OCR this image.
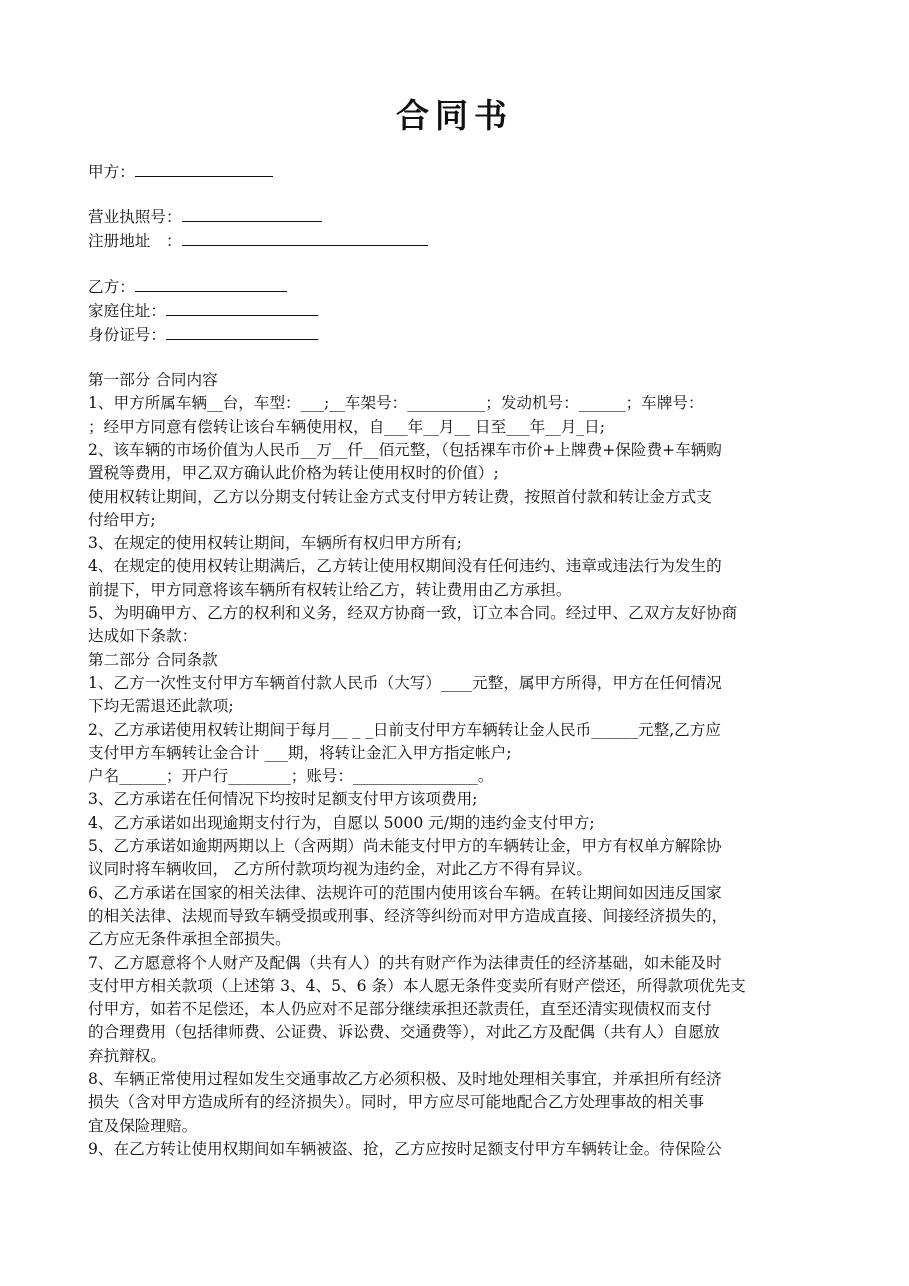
合同书
甲方：
营业执照号：
注册地址　：
乙方：
家庭住址：
身份证号：
第一部分 合同内容
1、甲方所属车辆__台，车型：___;__车架号：__________；发动机号：______；车牌号：
；经甲方同意有偿转让该台车辆使用权，自___年__月__ 日至___年__月_日;
2、该车辆的市场价值为人民币__万__仟__佰元整，（包括裸车市价+上牌费+保险费+车辆购
置税等费用，甲乙双方确认此价格为转让使用权时的价值）;
使用权转让期间，乙方以分期支付转让金方式支付甲方转让费，按照首付款和转让金方式支
付给甲方;
3、在规定的使用权转让期间，车辆所有权归甲方所有;
4、在规定的使用权转让期满后，乙方转让使用权期间没有任何违约、违章或违法行为发生的
前提下，甲方同意将该车辆所有权转让给乙方，转让费用由乙方承担。
5、为明确甲方、乙方的权利和义务，经双方协商一致，订立本合同。经过甲、乙双方友好协商
达成如下条款：
第二部分 合同条款
1、乙方一次性支付甲方车辆首付款人民币（大写）____元整，属甲方所得，甲方在任何情况
下均无需退还此款项;
2、乙方承诺使用权转让期间于每月__ _ _日前支付甲方车辆转让金人民币______元整,乙方应
支付甲方车辆转让金合计 ___期，将转让金汇入甲方指定帐户;
户名______；开户行________；账号：________________。
3、乙方承诺在任何情况下均按时足额支付甲方该项费用;
4、乙方承诺如出现逾期支付行为，自愿以 5000 元/期的违约金支付甲方;
5、乙方承诺如逾期两期以上（含两期）尚未能支付甲方的车辆转让金，甲方有权单方解除协
议同时将车辆收回， 乙方所付款项均视为违约金，对此乙方不得有异议。
6、乙方承诺在国家的相关法律、法规许可的范围内使用该台车辆。在转让期间如因违反国家
的相关法律、法规而导致车辆受损或刑事、经济等纠纷而对甲方造成直接、间接经济损失的，
乙方应无条件承担全部损失。
7、乙方愿意将个人财产及配偶（共有人）的共有财产作为法律责任的经济基础，如未能及时
支付甲方相关款项（上述第 3、4、5、6 条）本人愿无条件变卖所有财产偿还，所得款项优先支
付甲方，如若不足偿还，本人仍应对不足部分继续承担还款责任，直至还清实现债权而支付
的合理费用（包括律师费、公证费、诉讼费、交通费等），对此乙方及配偶（共有人）自愿放
弃抗辩权。
8、车辆正常使用过程如发生交通事故乙方必须积极、及时地处理相关事宜，并承担所有经济
损失（含对甲方造成所有的经济损失）。同时，甲方应尽可能地配合乙方处理事故的相关事
宜及保险理赔。
9、在乙方转让使用权期间如车辆被盗、抢，乙方应按时足额支付甲方车辆转让金。待保险公
